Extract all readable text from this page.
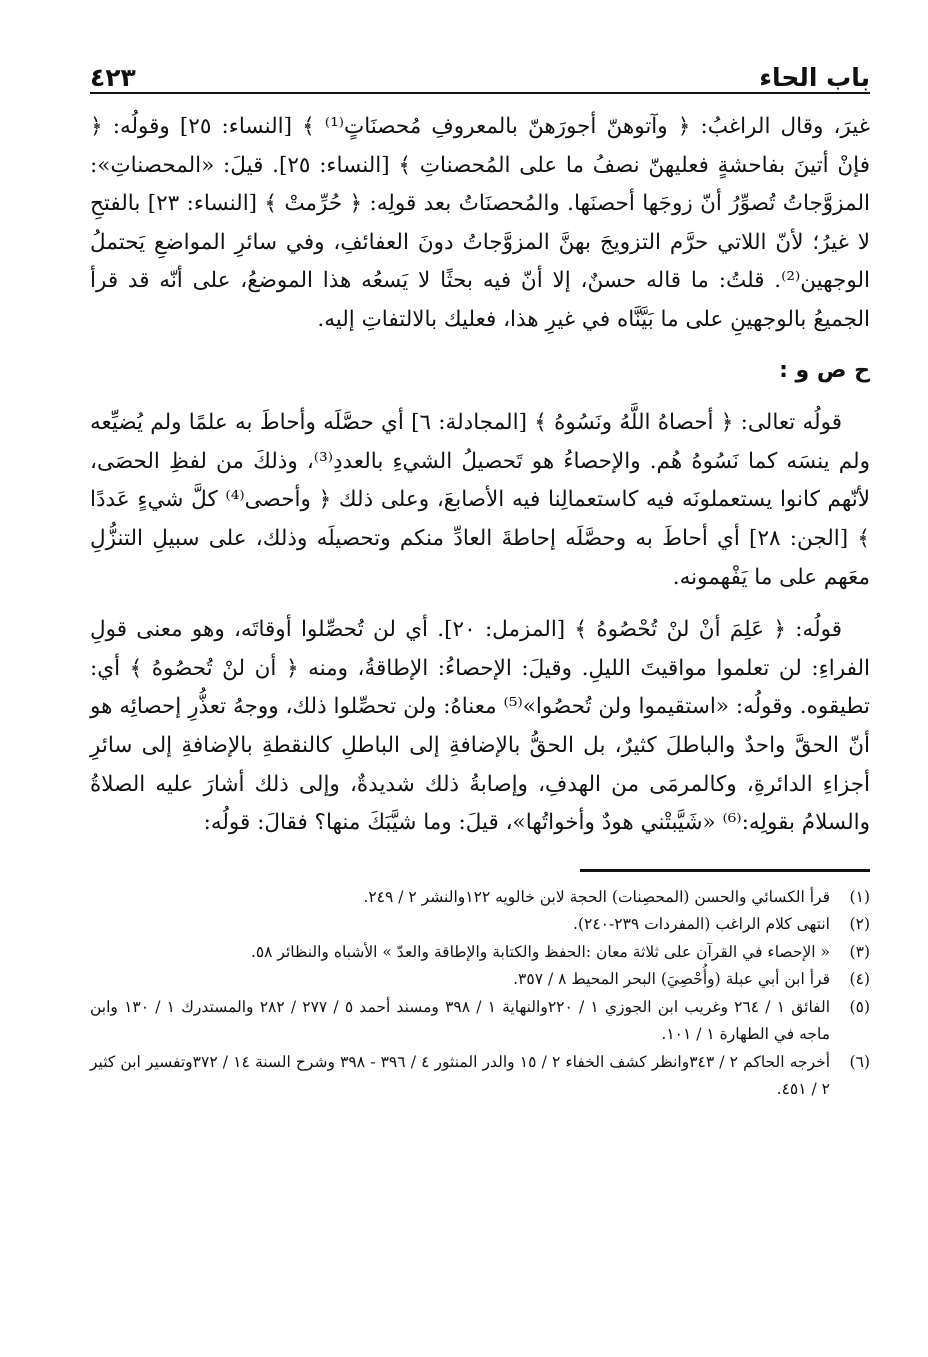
باب الحاء
٤٢٣

غيرَ، وقال الراغبُ: ﴿ وآتوهنّ أجورَهنّ بالمعروفِ مُحصنَاتٍ⁽¹⁾ ﴾ [النساء: ٢٥] وقولُه: ﴿ فإنْ أتينَ بفاحشةٍ فعليهنّ نصفُ ما على المُحصناتِ ﴾ [النساء: ٢٥]. قيلَ: «المحصناتِ»: المزوَّجاتُ تُصوِّرُ أنّ زوجَها أحصنَها. والمُحصنَاتُ بعد قولِه: ﴿ حُرِّمتْ ﴾ [النساء: ٢٣] بالفتحِ لا غيرُ؛ لأنّ اللاتي حرَّم التزويجَ بهنَّ المزوَّجاتُ دونَ العفائفِ، وفي سائرِ المواضعِ يَحتملُ الوجهين⁽²⁾. قلتُ: ما قاله حسنٌ، إلا أنّ فيه بحثًا لا يَسعُه هذا الموضعُ، على أنّه قد قرأ الجميعُ بالوجهينِ على ما بَيَّنَّاه في غيرِ هذا، فعليك بالالتفاتِ إليه.

ح ص و :

قولُه تعالى: ﴿ أحصاهُ اللَّهُ ونَسُوهُ ﴾ [المجادلة: ٦] أي حصَّلَه وأحاطَ به علمًا ولم يُضيِّعه ولم ينسَه كما نَسُوهُ هُم. والإحصاءُ هو تَحصيلُ الشيءِ بالعددِ⁽³⁾، وذلكَ من لفظِ الحصَى، لأنّهم كانوا يستعملونَه فيه كاستعمالِنا فيه الأصابعَ، وعلى ذلك ﴿ وأحصى⁽⁴⁾ كلَّ شيءٍ عَددًا ﴾ [الجن: ٢٨] أي أحاطَ به وحصَّلَه إحاطةَ العادِّ منكم وتحصيلَه وذلك، على سبيلِ التنزُّلِ معَهم على ما يَفْهمونه.

قولُه: ﴿ عَلِمَ أنْ لنْ تُحْصُوهُ ﴾ [المزمل: ٢٠]. أي لن تُحصِّلوا أوقاتَه، وهو معنى قولِ الفراءِ: لن تعلموا مواقيتَ الليلِ. وقيلَ: الإحصاءُ: الإطاقةُ، ومنه ﴿ أن لنْ تُحصُوهُ ﴾ أي: تطيقوه. وقولُه: «استقيموا ولن تُحصُوا»⁽⁵⁾ معناهُ: ولن تحصِّلوا ذلك، ووجهُ تعذُّرِ إحصائِه هو أنّ الحقَّ واحدٌ والباطلَ كثيرٌ، بل الحقُّ بالإضافةِ إلى الباطلِ كالنقطةِ بالإضافةِ إلى سائرِ أجزاءِ الدائرةِ، وكالمرمَى من الهدفِ، وإصابةُ ذلك شديدةٌ، وإلى ذلك أشارَ عليه الصلاةُ والسلامُ بقولِه:⁽⁶⁾ «شَيَّبتْني هودٌ وأخواتُها»، قيلَ: وما شيَّبَكَ منها؟ فقالَ: قولُه:

(١)
قرأ الكسائي والحسن (المحصِنات) الحجة لابن خالويه ١٢٢والنشر ٢ / ٢٤٩.
(٢)
انتهى كلام الراغب (المفردات ٢٣٩-٢٤٠).
(٣)
« الإحصاء في القرآن على ثلاثة معان :الحفظ والكتابة والإطاقة والعدّ » الأشباه والنظائر ٥٨.
(٤)
قرأ ابن أبي عبلة (وأُحْصِيَ) البحر المحيط ٨ / ٣٥٧.
(٥)
الفائق ١ / ٢٦٤ وغريب ابن الجوزي ١ / ٢٢٠والنهاية ١ / ٣٩٨ ومسند أحمد ٥ / ٢٧٧ / ٢٨٢ والمستدرك ١ / ١٣٠ وابن ماجه في الطهارة ١ / ١٠١.
(٦)
أخرجه الحاكم ٢ / ٣٤٣وانظر كشف الخفاء ٢ / ١٥ والدر المنثور ٤ / ٣٩٦ - ٣٩٨ وشرح السنة ١٤ / ٣٧٢وتفسير ابن كثير ٢ / ٤٥١.
